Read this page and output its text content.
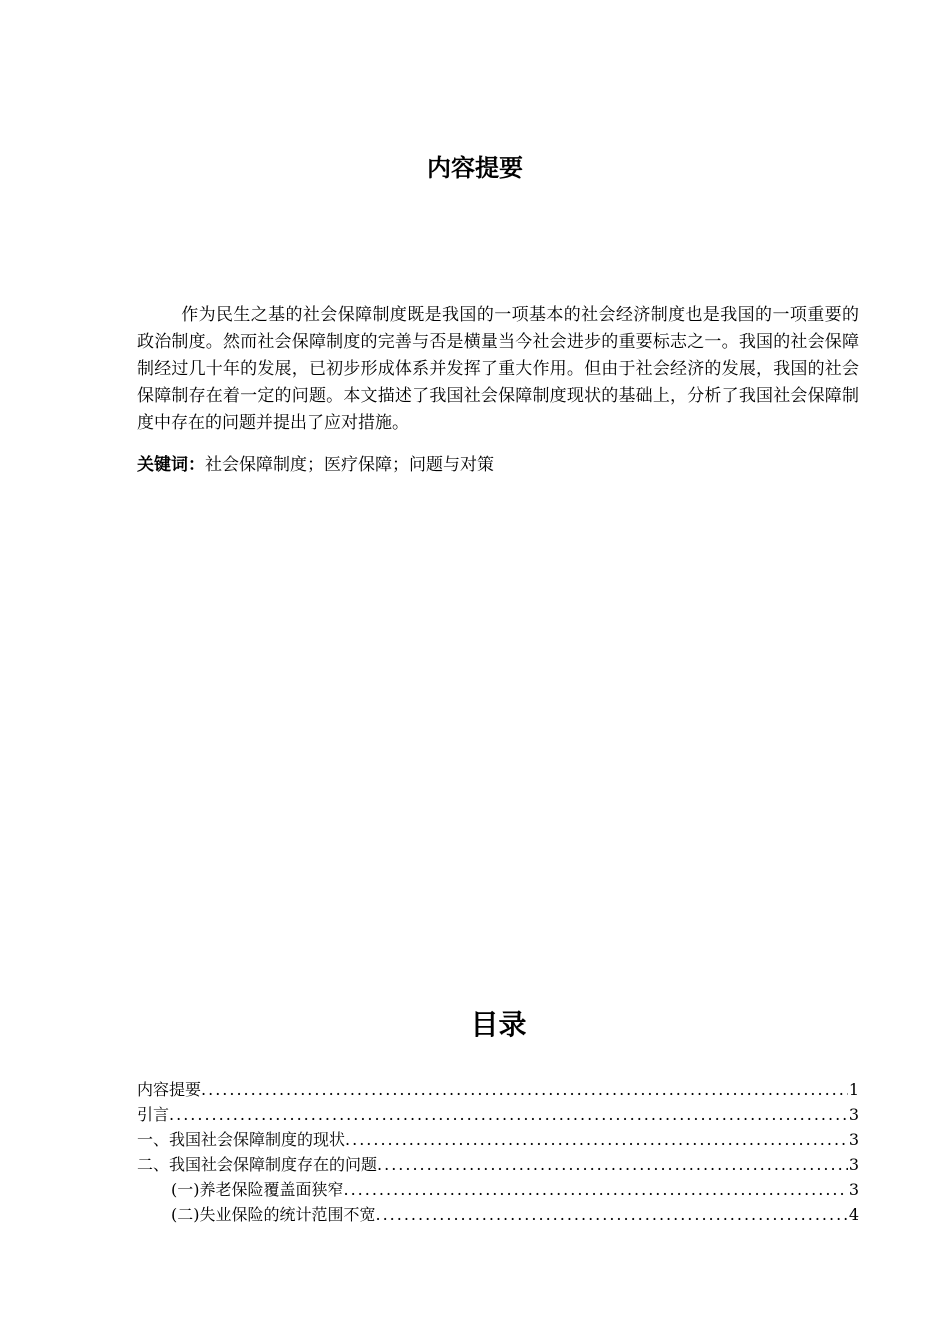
内容提要

作为民生之基的社会保障制度既是我国的一项基本的社会经济制度也是我国的一项重要的政治制度。然而社会保障制度的完善与否是横量当今社会进步的重要标志之一。我国的社会保障制经过几十年的发展，已初步形成体系并发挥了重大作用。但由于社会经济的发展，我国的社会保障制存在着一定的问题。本文描述了我国社会保障制度现状的基础上，分析了我国社会保障制度中存在的问题并提出了应对措施。

关键词：社会保障制度；医疗保障；问题与对策

目录
内容提要 .....	1
引言 .....	3
一、我国社会保障制度的现状 .....	3
二、我国社会保障制度存在的问题 .....	3
(一)养老保险覆盖面狭窄 .....	3
(二)失业保险的统计范围不宽 .....	4
